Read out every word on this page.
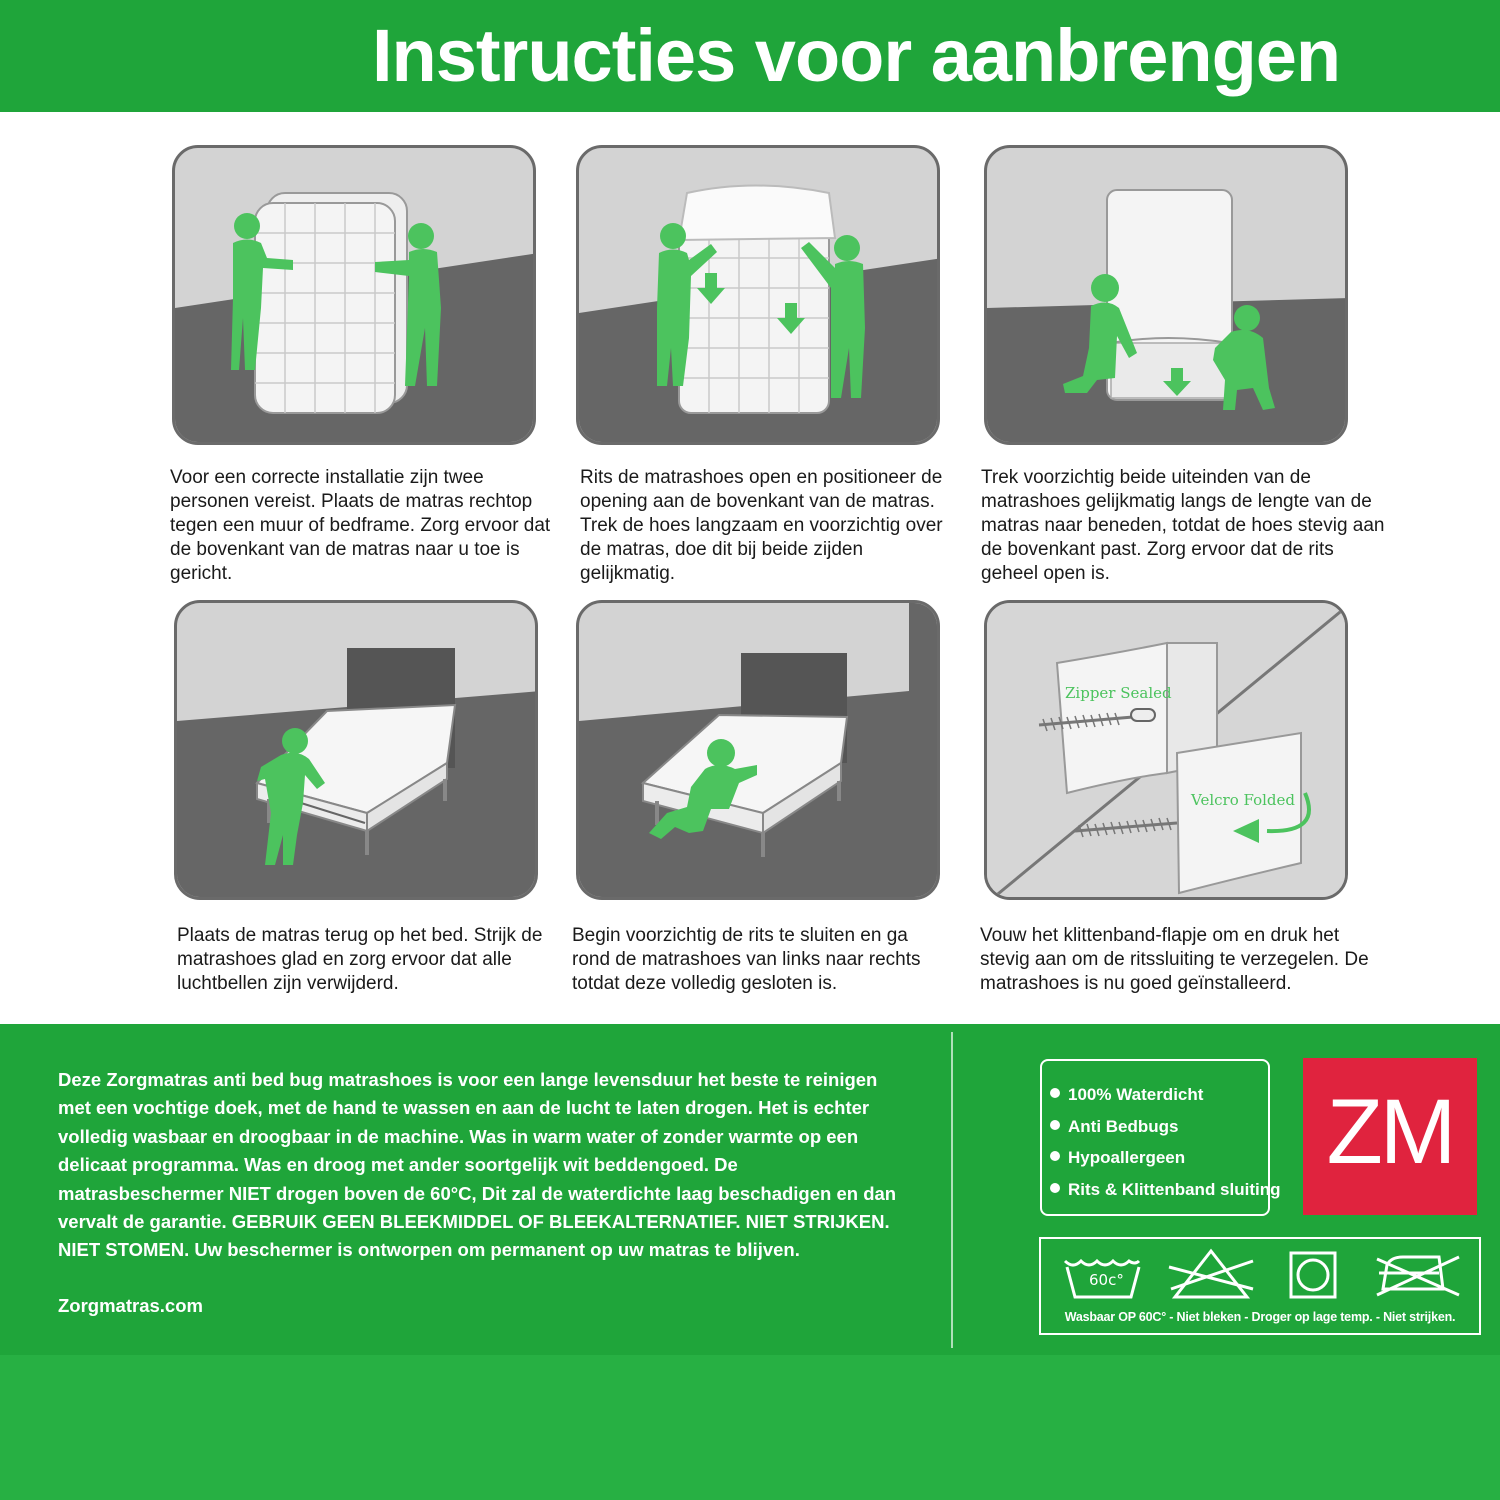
Instructies voor aanbrengen
Zipper Sealed
Velcro Folded
Voor een correcte installatie zijn twee personen vereist. Plaats de matras rechtop tegen een muur of bedframe. Zorg ervoor dat de bovenkant van de matras naar u toe is gericht.
Rits de matrashoes open en positioneer de opening aan de bovenkant van de matras. Trek de hoes langzaam en voorzichtig over de matras, doe dit bij beide zijden gelijkmatig.
Trek voorzichtig beide uiteinden van de matrashoes gelijkmatig langs de lengte van de matras naar beneden, totdat de hoes stevig aan de bovenkant past. Zorg ervoor dat de rits geheel open is.
Plaats de matras terug op het bed. Strijk de matrashoes glad en zorg ervoor dat alle luchtbellen zijn verwijderd.
Begin voorzichtig de rits te sluiten en ga rond de matrashoes van links naar rechts totdat deze volledig gesloten is.
Vouw het klittenband-flapje om en druk het stevig aan om de ritssluiting te verzegelen. De matrashoes is nu goed geïnstalleerd.
Deze Zorgmatras anti bed bug matrashoes is voor een lange levensduur het beste te reinigen met een vochtige doek, met de hand te wassen en aan de lucht te laten drogen. Het is echter volledig wasbaar en droogbaar in de machine. Was in warm water of zonder warmte op een delicaat programma. Was en droog met ander soortgelijk wit beddengoed. De matrasbeschermer NIET drogen boven de 60°C, Dit zal de waterdichte laag beschadigen en dan vervalt de garantie. GEBRUIK GEEN BLEEKMIDDEL OF BLEEKALTERNATIEF. NIET STRIJKEN. NIET STOMEN. Uw beschermer is ontworpen om permanent op uw matras te blijven.
Zorgmatras.com
100% Waterdicht
Anti Bedbugs
Hypoallergeen
Rits & Klittenband sluiting
ZM
60c°
Wasbaar OP 60C° - Niet bleken - Droger op lage temp. - Niet strijken.
